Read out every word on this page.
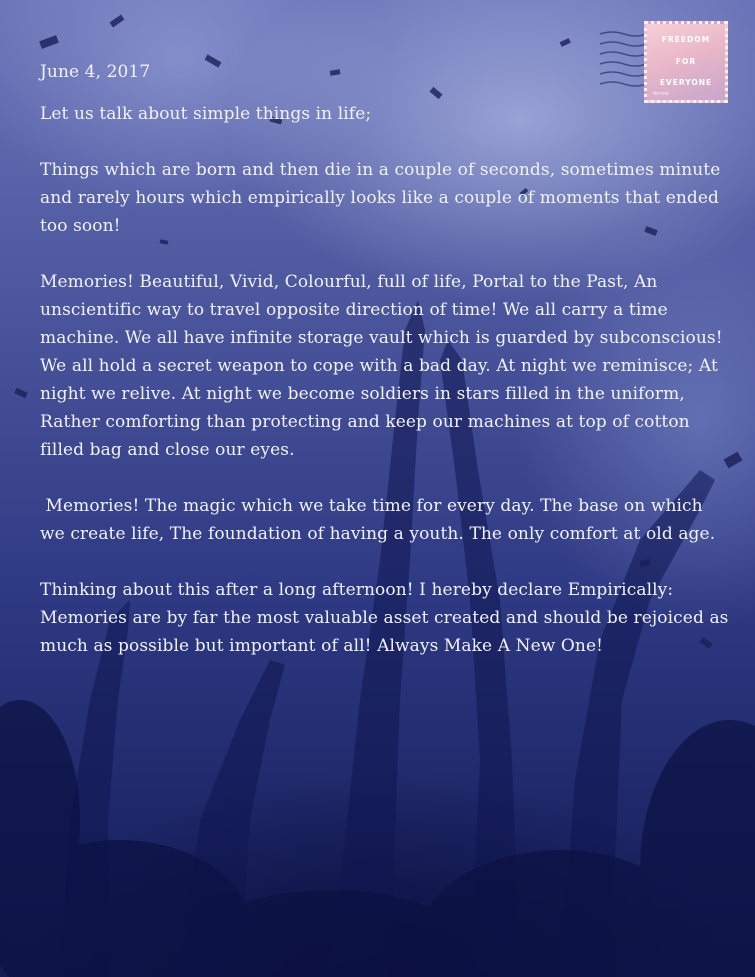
FREEDOM
FOR
EVERYONE
forms

June 4, 2017

Let us talk about simple things in life;

Things which are born and then die in a couple of seconds, sometimes minute and rarely hours which empirically looks like a couple of moments that ended too soon!

Memories! Beautiful, Vivid, Colourful, full of life, Portal to the Past, An unscientific way to travel opposite direction of time! We all carry a time machine. We all have infinite storage vault which is guarded by subconscious! We all hold a secret weapon to cope with a bad day. At night we reminisce; At night we relive. At night we become soldiers in stars filled in the uniform, Rather comforting than protecting and keep our machines at top of cotton filled bag and close our eyes.

Memories! The magic which we take time for every day. The base on which we create life, The foundation of having a youth. The only comfort at old age.

Thinking about this after a long afternoon! I hereby declare Empirically: Memories are by far the most valuable asset created and should be rejoiced as much as possible but important of all! Always Make A New One!
